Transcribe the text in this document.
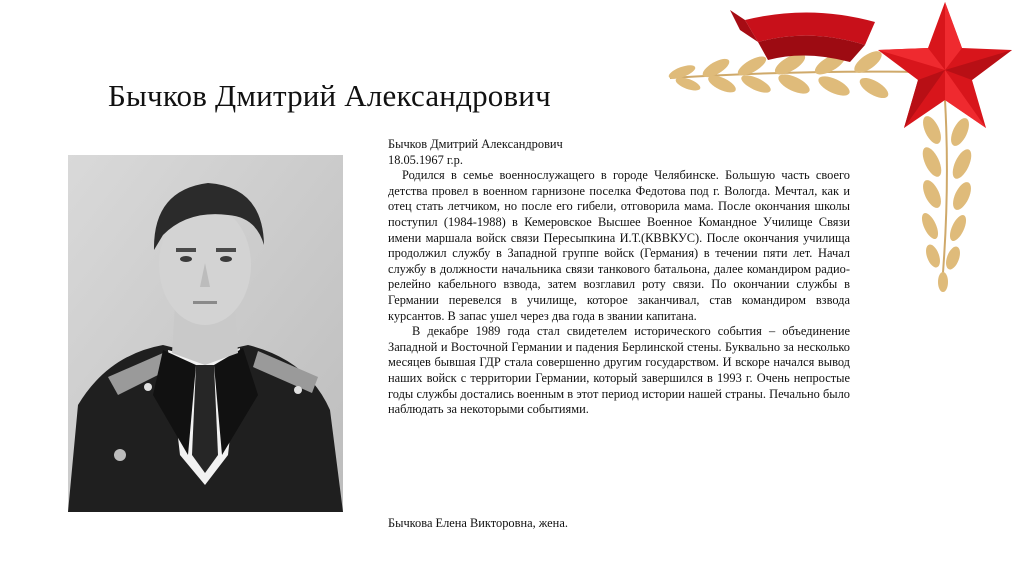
Бычков Дмитрий Александрович

Бычков Дмитрий Александрович

18.05.1967 г.р.

Родился в семье военнослужащего в городе Челябинске. Большую часть своего детства провел в военном гарнизоне поселка Федотова под г. Вологда. Мечтал, как и отец стать летчиком, но после его гибели, отговорила мама. После окончания школы поступил (1984-1988) в Кемеровское Высшее Военное Командное Училище Связи имени маршала войск связи Пересыпкина И.Т.(КВВКУС). После окончания училища продолжил службу в Западной группе войск (Германия) в течении пяти лет. Начал службу в должности начальника связи танкового батальона, далее командиром радио-релейно кабельного взвода, затем возглавил роту связи. По окончании службы в Германии перевелся в училище, которое заканчивал, став командиром взвода курсантов. В запас ушел через два года в звании капитана.

В декабре 1989 года стал свидетелем исторического события – объединение Западной и Восточной Германии и падения Берлинской стены. Буквально за несколько месяцев бывшая ГДР стала совершенно другим государством. И вскоре начался вывод наших войск с территории Германии, который завершился в 1993 г. Очень непростые годы службы достались военным в этот период истории нашей страны. Печально было наблюдать за некоторыми событиями.

Бычкова Елена Викторовна, жена.
